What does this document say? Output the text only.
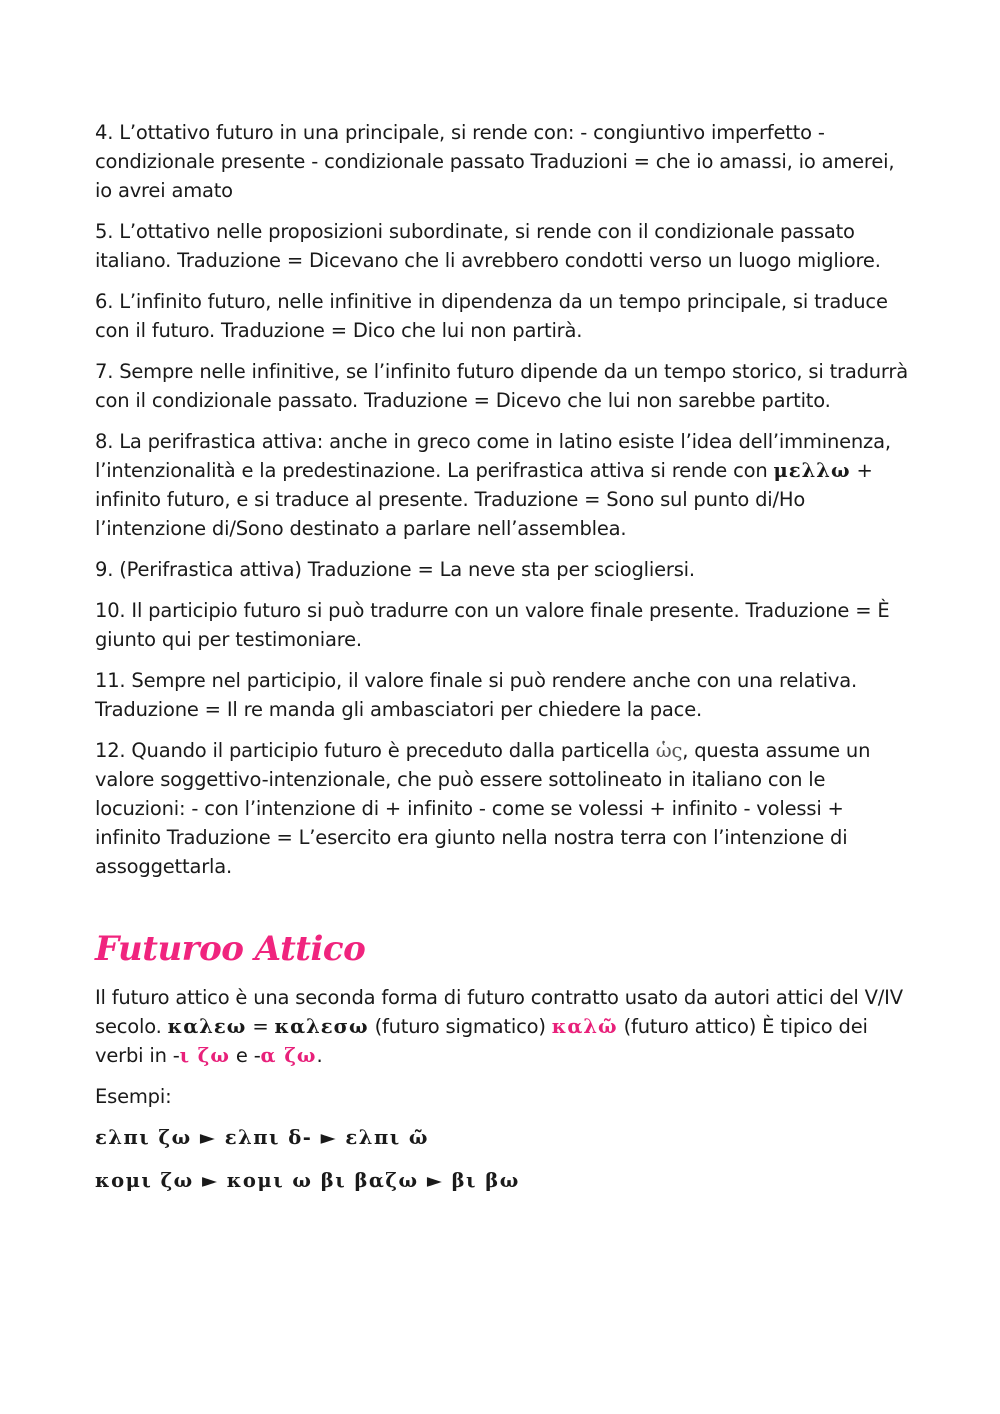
4. L’ottativo futuro in una principale, si rende con: - congiuntivo imperfetto - condizionale presente - condizionale passato Traduzioni = che io amassi, io amerei, io avrei amato

5. L’ottativo nelle proposizioni subordinate, si rende con il condizionale passato italiano. Traduzione = Dicevano che li avrebbero condotti verso un luogo migliore.

6. L’infinito futuro, nelle infinitive in dipendenza da un tempo principale, si traduce con il futuro. Traduzione = Dico che lui non partirà.

7. Sempre nelle infinitive, se l’infinito futuro dipende da un tempo storico, si tradurrà con il condizionale passato. Traduzione = Dicevo che lui non sarebbe partito.

8. La perifrastica attiva: anche in greco come in latino esiste l’idea dell’imminenza, l’intenzionalità e la predestinazione. La perifrastica attiva si rende con μελλω + infinito futuro, e si traduce al presente. Traduzione = Sono sul punto di/Ho l’intenzione di/Sono destinato a parlare nell’assemblea.

9. (Perifrastica attiva) Traduzione = La neve sta per sciogliersi.

10. Il participio futuro si può tradurre con un valore finale presente. Traduzione = È giunto qui per testimoniare.

11. Sempre nel participio, il valore finale si può rendere anche con una relativa. Traduzione = Il re manda gli ambasciatori per chiedere la pace.

12. Quando il participio futuro è preceduto dalla particella ὡς, questa assume un valore soggettivo-intenzionale, che può essere sottolineato in italiano con le locuzioni: - con l’intenzione di + infinito - come se volessi + infinito - volessi + infinito Traduzione = L’esercito era giunto nella nostra terra con l’intenzione di assoggettarla.

Futuroo Attico

Il futuro attico è una seconda forma di futuro contratto usato da autori attici del V/IV secolo. καλεω = καλεσω (futuro sigmatico) καλῶ (futuro attico) È tipico dei verbi in -ι ζω e -α ζω.

Esempi:

ελπι ζω ► ελπι δ- ► ελπι ῶ

κομι ζω ► κομι ω βι βαζω ► βι βω
